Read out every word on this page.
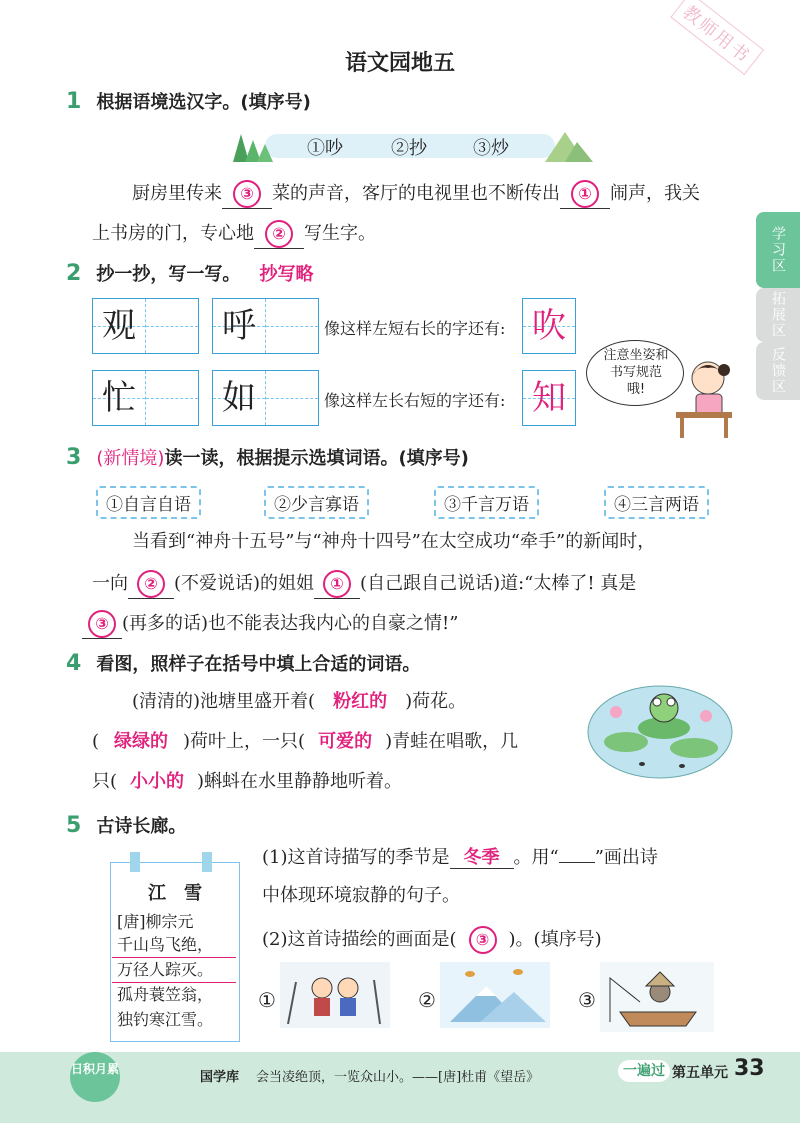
教师用书
语文园地五
学习区
拓展区
反馈区
1 根据语境选汉字。(填序号)
①吵	②抄	③炒
厨房里传来 ③ 菜的声音，客厅的电视里也不断传出 ① 闹声，我关
上书房的门，专心地 ② 写生字。
2 抄一抄，写一写。 抄写略
观	呼	像这样左短右长的字还有: 吹
忙	如	像这样左长右短的字还有: 知
注意坐姿和书写规范哦!
3 (新情境)读一读，根据提示选填词语。(填序号)
①自言自语	②少言寡语	③千言万语	④三言两语
当看到“神舟十五号”与“神舟十四号”在太空成功“牵手”的新闻时，
一向 ② (不爱说话)的姐姐 ① (自己跟自己说话)道:“太棒了! 真是
③ (再多的话)也不能表达我内心的自豪之情!”
4 看图，照样子在括号中填上合适的词语。
(清清的)池塘里盛开着( 粉红的 )荷花。
( 绿绿的 )荷叶上，一只( 可爱的 )青蛙在唱歌，几
只( 小小的 )蝌蚪在水里静静地听着。
5 古诗长廊。
江　雪
[唐]柳宗元
千山鸟飞绝，
万径人踪灭。
孤舟蓑笠翁，
独钓寒江雪。
(1)这首诗描写的季节是 冬季 。用“ ”画出诗
中体现环境寂静的句子。
(2)这首诗描绘的画面是( ③ )。(填序号)
①	②	③
日积月累
国学库 会当凌绝顶，一览众山小。——[唐]杜甫《望岳》	一遍过 第五单元 33
